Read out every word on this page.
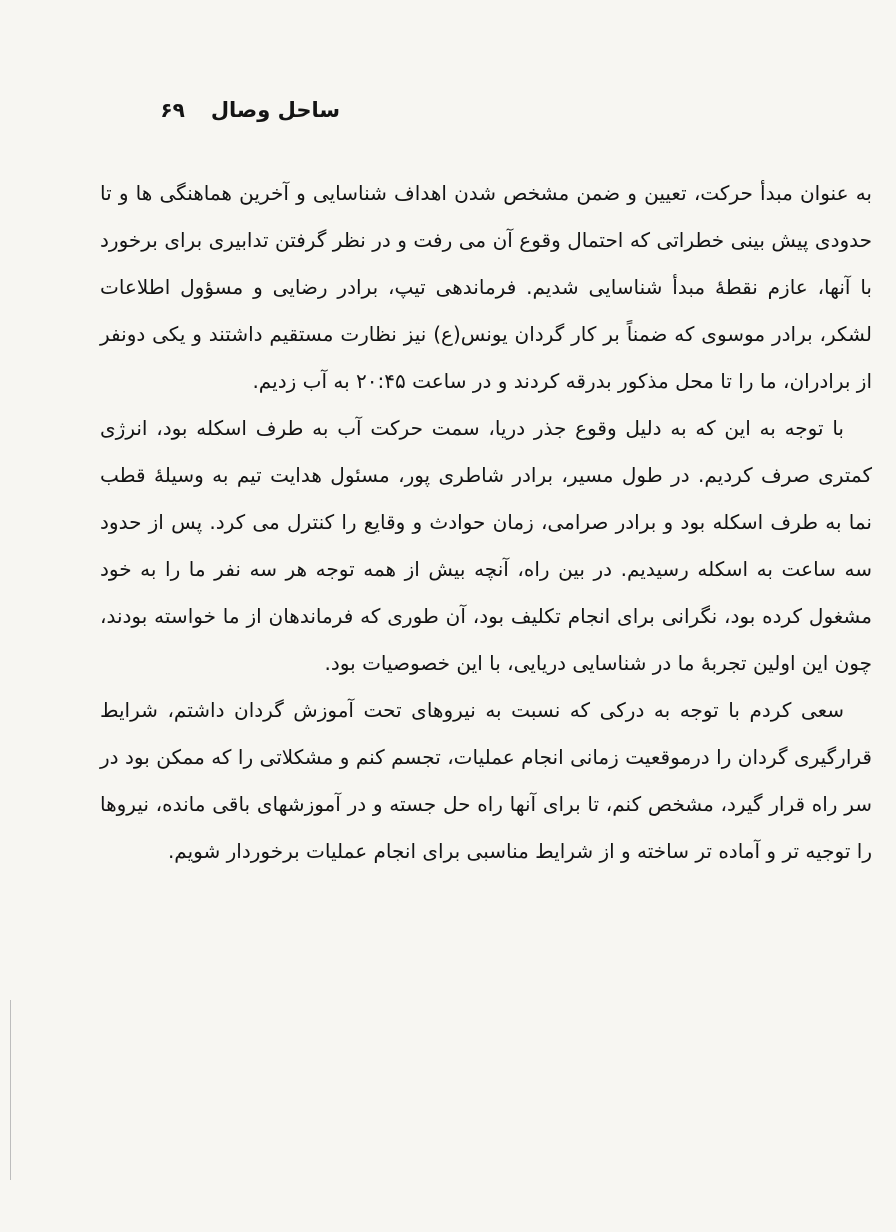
ساحل وصال
۶۹

به عنوان مبدأ حرکت، تعیین و ضمن مشخص شدن اهداف شناسایی و آخرین هماهنگی ها و تا حدودی پیش بینی خطراتی که احتمال وقوع آن می رفت و در نظر گرفتن تدابیری برای برخورد با آنها، عازم نقطهٔ مبدأ شناسایی شدیم. فرماندهی تیپ، برادر رضایی و مسؤول اطلاعات لشکر، برادر موسوی که ضمناً بر کار گردان یونس(ع) نیز نظارت مستقیم داشتند و یکی دونفر از برادران، ما را تا محل مذکور بدرقه کردند و در ساعت ۲۰:۴۵ به آب زدیم.

با توجه به این که به دلیل وقوع جذر دریا، سمت حرکت آب به طرف اسکله بود، انرژی کمتری صرف کردیم. در طول مسیر، برادر شاطری پور، مسئول هدایت تیم به وسیلهٔ قطب نما به طرف اسکله بود و برادر صرامی، زمان حوادث و وقایع را کنترل می کرد. پس از حدود سه ساعت به اسکله رسیدیم. در بین راه، آنچه بیش از همه توجه هر سه نفر ما را به خود مشغول کرده بود، نگرانی برای انجام تکلیف بود، آن طوری که فرماندهان از ما خواسته بودند، چون این اولین تجربهٔ ما در شناسایی دریایی، با این خصوصیات بود.

سعی کردم با توجه به درکی که نسبت به نیروهای تحت آموزش گردان داشتم، شرایط قرارگیری گردان را درموقعیت زمانی انجام عملیات، تجسم کنم و مشکلاتی را که ممکن بود در سر راه قرار گیرد، مشخص کنم، تا برای آنها راه حل جسته و در آموزشهای باقی مانده، نیروها را توجیه تر و آماده تر ساخته و از شرایط مناسبی برای انجام عملیات برخوردار شویم.
